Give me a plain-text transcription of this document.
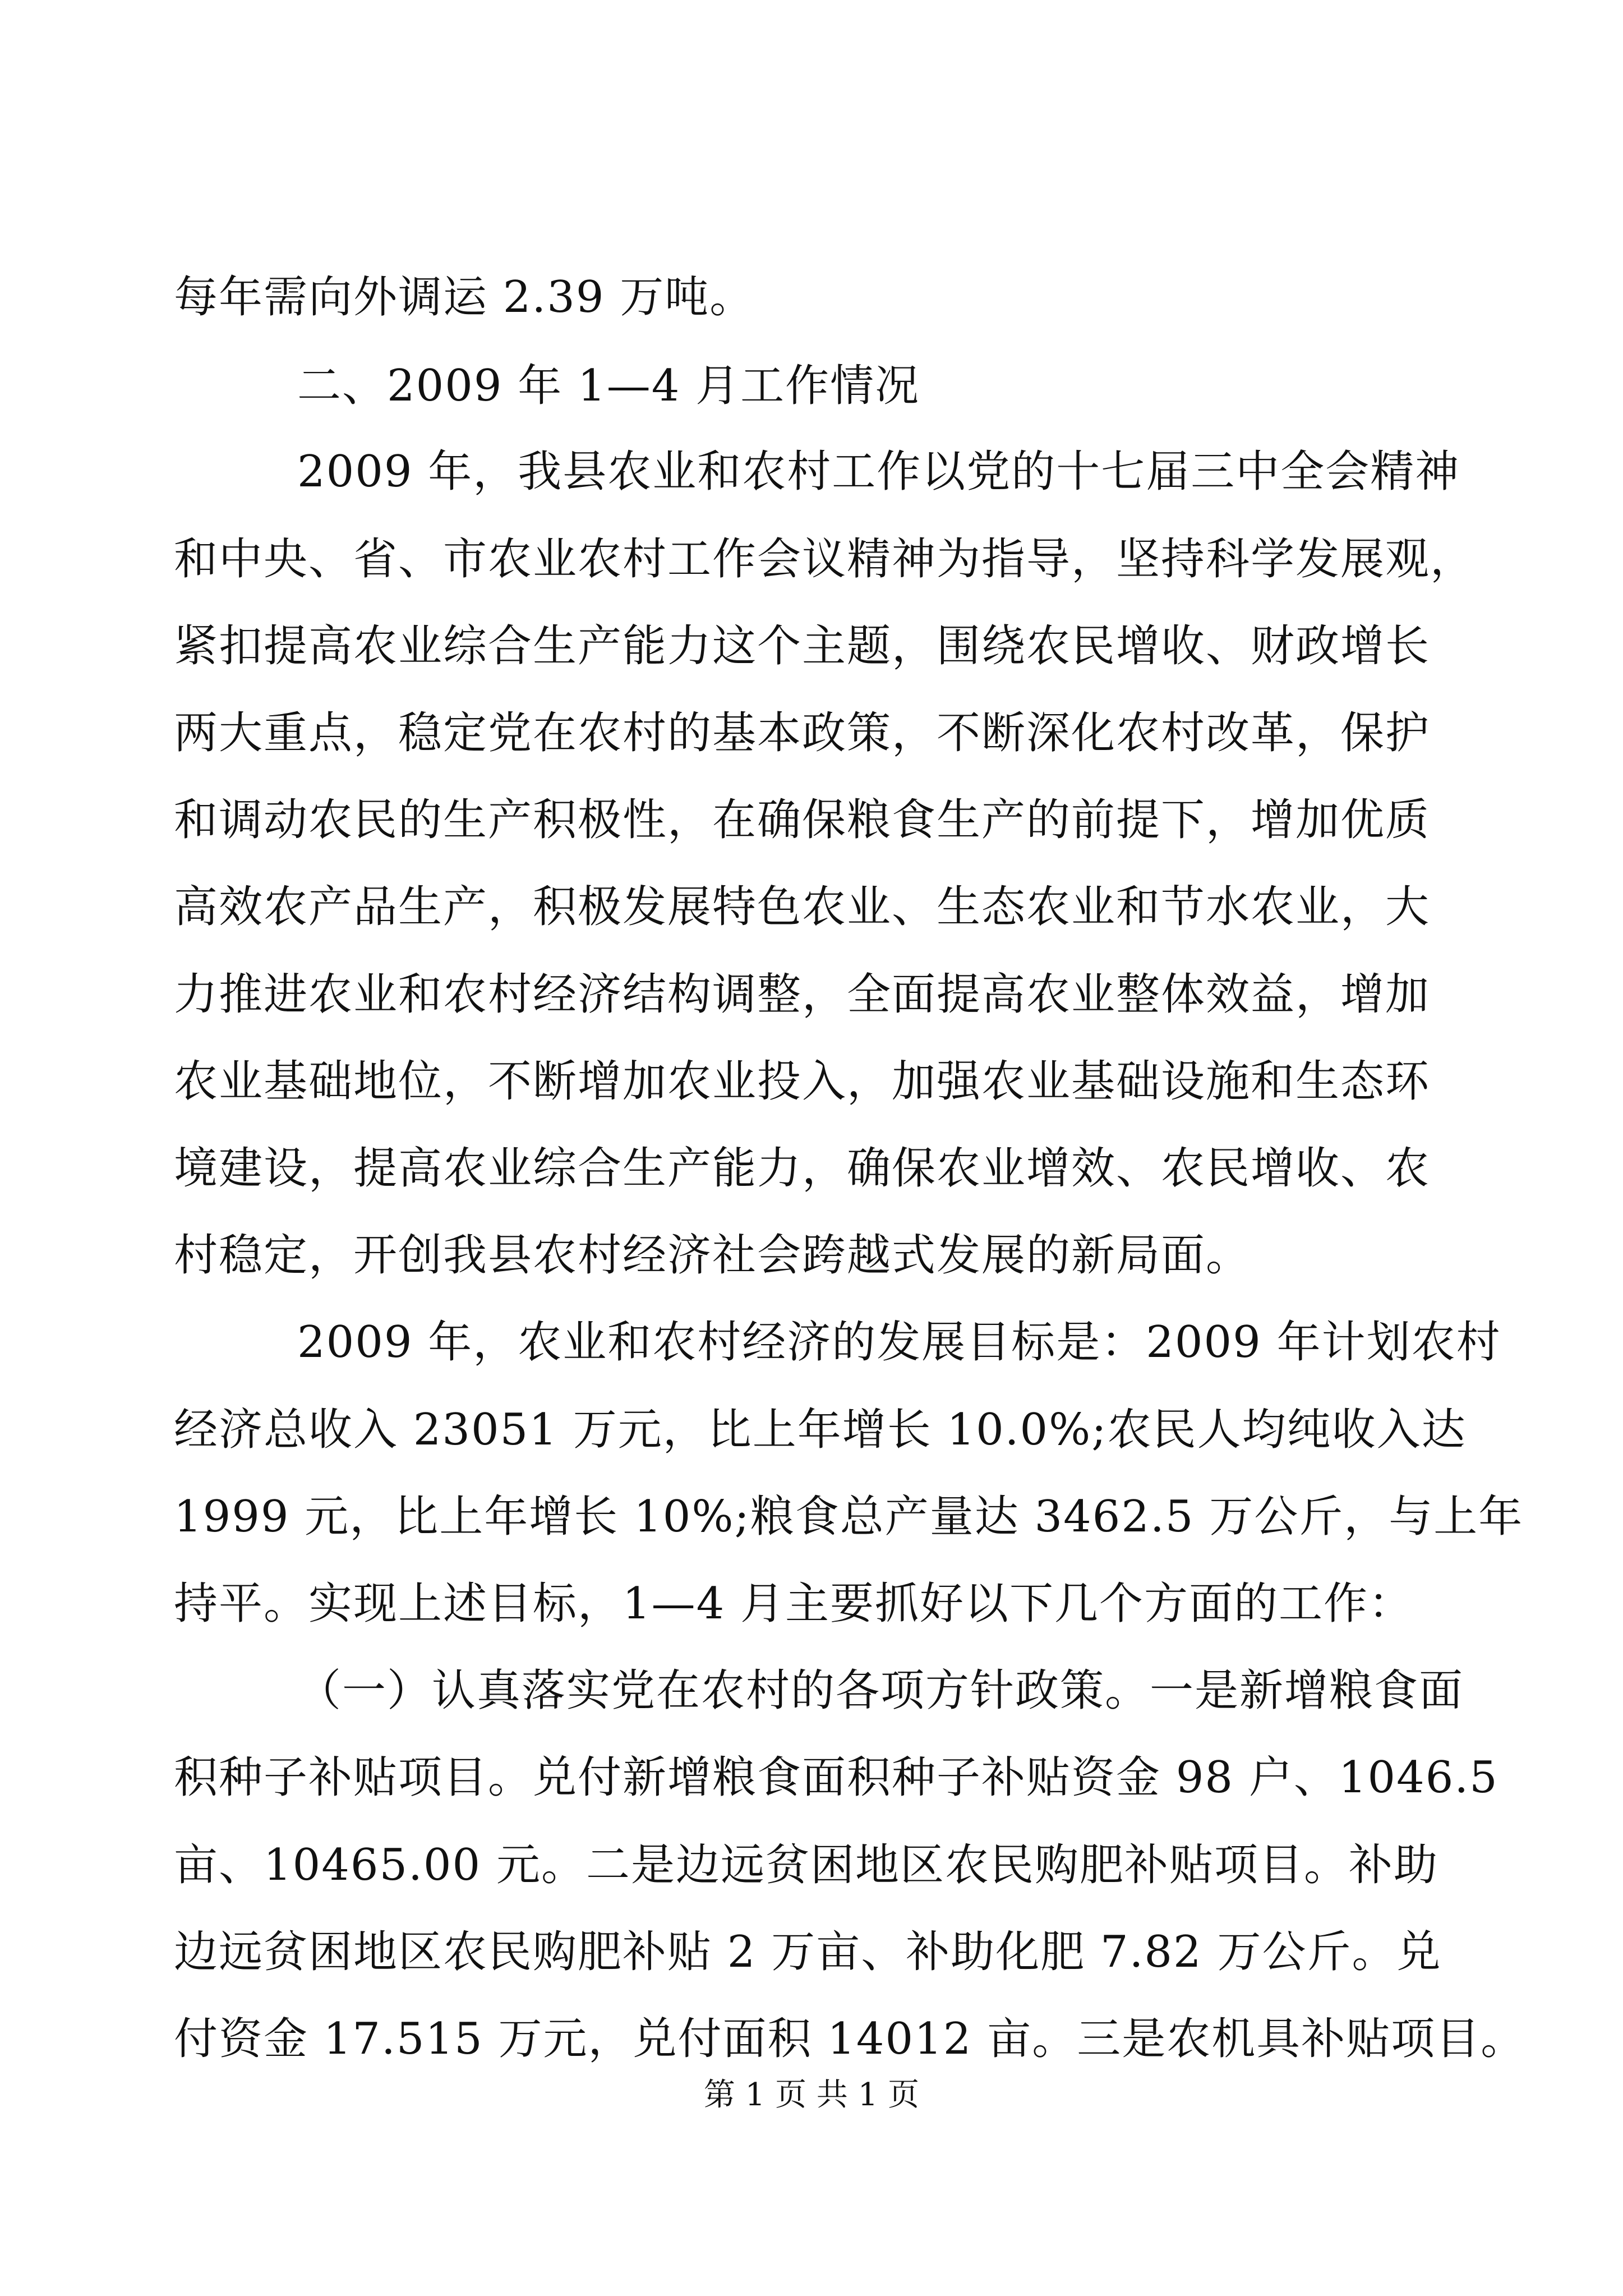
每年需向外调运 2.39 万吨。
二、2009 年 1—4 月工作情况
2009 年，我县农业和农村工作以党的十七届三中全会精神
和中央、省、市农业农村工作会议精神为指导，坚持科学发展观，
紧扣提高农业综合生产能力这个主题，围绕农民增收、财政增长
两大重点，稳定党在农村的基本政策，不断深化农村改革，保护
和调动农民的生产积极性，在确保粮食生产的前提下，增加优质
高效农产品生产，积极发展特色农业、生态农业和节水农业，大
力推进农业和农村经济结构调整，全面提高农业整体效益，增加
农业基础地位，不断增加农业投入，加强农业基础设施和生态环
境建设，提高农业综合生产能力，确保农业增效、农民增收、农
村稳定，开创我县农村经济社会跨越式发展的新局面。
2009 年，农业和农村经济的发展目标是：2009 年计划农村
经济总收入 23051 万元，比上年增长 10.0%;农民人均纯收入达
1999 元，比上年增长 10%;粮食总产量达 3462.5 万公斤，与上年
持平。实现上述目标，1—4 月主要抓好以下几个方面的工作：
（一）认真落实党在农村的各项方针政策。一是新增粮食面
积种子补贴项目。兑付新增粮食面积种子补贴资金 98 户、1046.5
亩、10465.00 元。二是边远贫困地区农民购肥补贴项目。补助
边远贫困地区农民购肥补贴 2 万亩、补助化肥 7.82 万公斤。兑
付资金 17.515 万元，兑付面积 14012 亩。三是农机具补贴项目。
第 1 页 共 1 页
